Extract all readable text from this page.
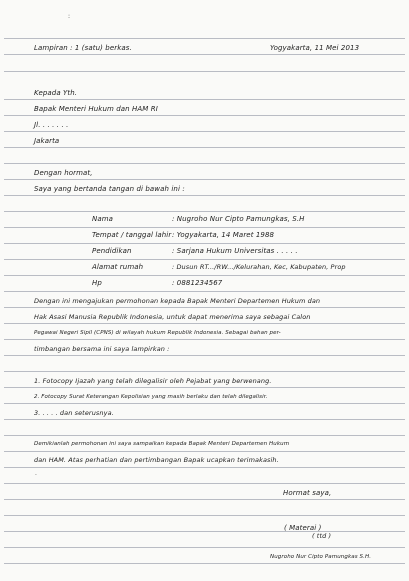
:
Lampiran : 1 (satu) berkas.	Yogyakarta, 11 Mei 2013
Kepada Yth.
Bapak Menteri Hukum dan HAM RI
Jl. . . . . . .
Jakarta
Dengan hormat,
Saya yang bertanda tangan di bawah ini :
Nama	: Nugroho Nur Cipto Pamungkas, S.H
Tempat / tanggal lahir : Yogyakarta, 14 Maret 1988
Pendidikan	: Sarjana Hukum Universitas . . . . .
Alamat rumah	: Dusun RT.../RW.../Kelurahan, Kec, Kabupaten, Prop
Hp	: 0881234567
Dengan ini mengajukan permohonan kepada Bapak Menteri Departemen Hukum dan
Hak Asasi Manusia Republik Indonesia, untuk dapat menerima saya sebagai Calon
Pegawai Negeri Sipil (CPNS) di wilayah hukum Republik Indonesia. Sebagai bahan per-
timbangan bersama ini saya lampirkan :
1. Fotocopy Ijazah yang telah dilegalisir oleh Pejabat yang berwenang.
2. Fotocopy Surat Keterangan Kepolisian yang masih berlaku dan telah dilegalisir.
3. . . . . dan seterusnya.
Demikianlah permohonan ini saya sampaikan kepada Bapak Menteri Departemen Hukum
dan HAM. Atas perhatian dan pertimbangan Bapak ucapkan terimakasih.
·
Hormat saya,
( Materai )
( ttd )
Nugroho Nur Cipto Pamungkas S.H.
